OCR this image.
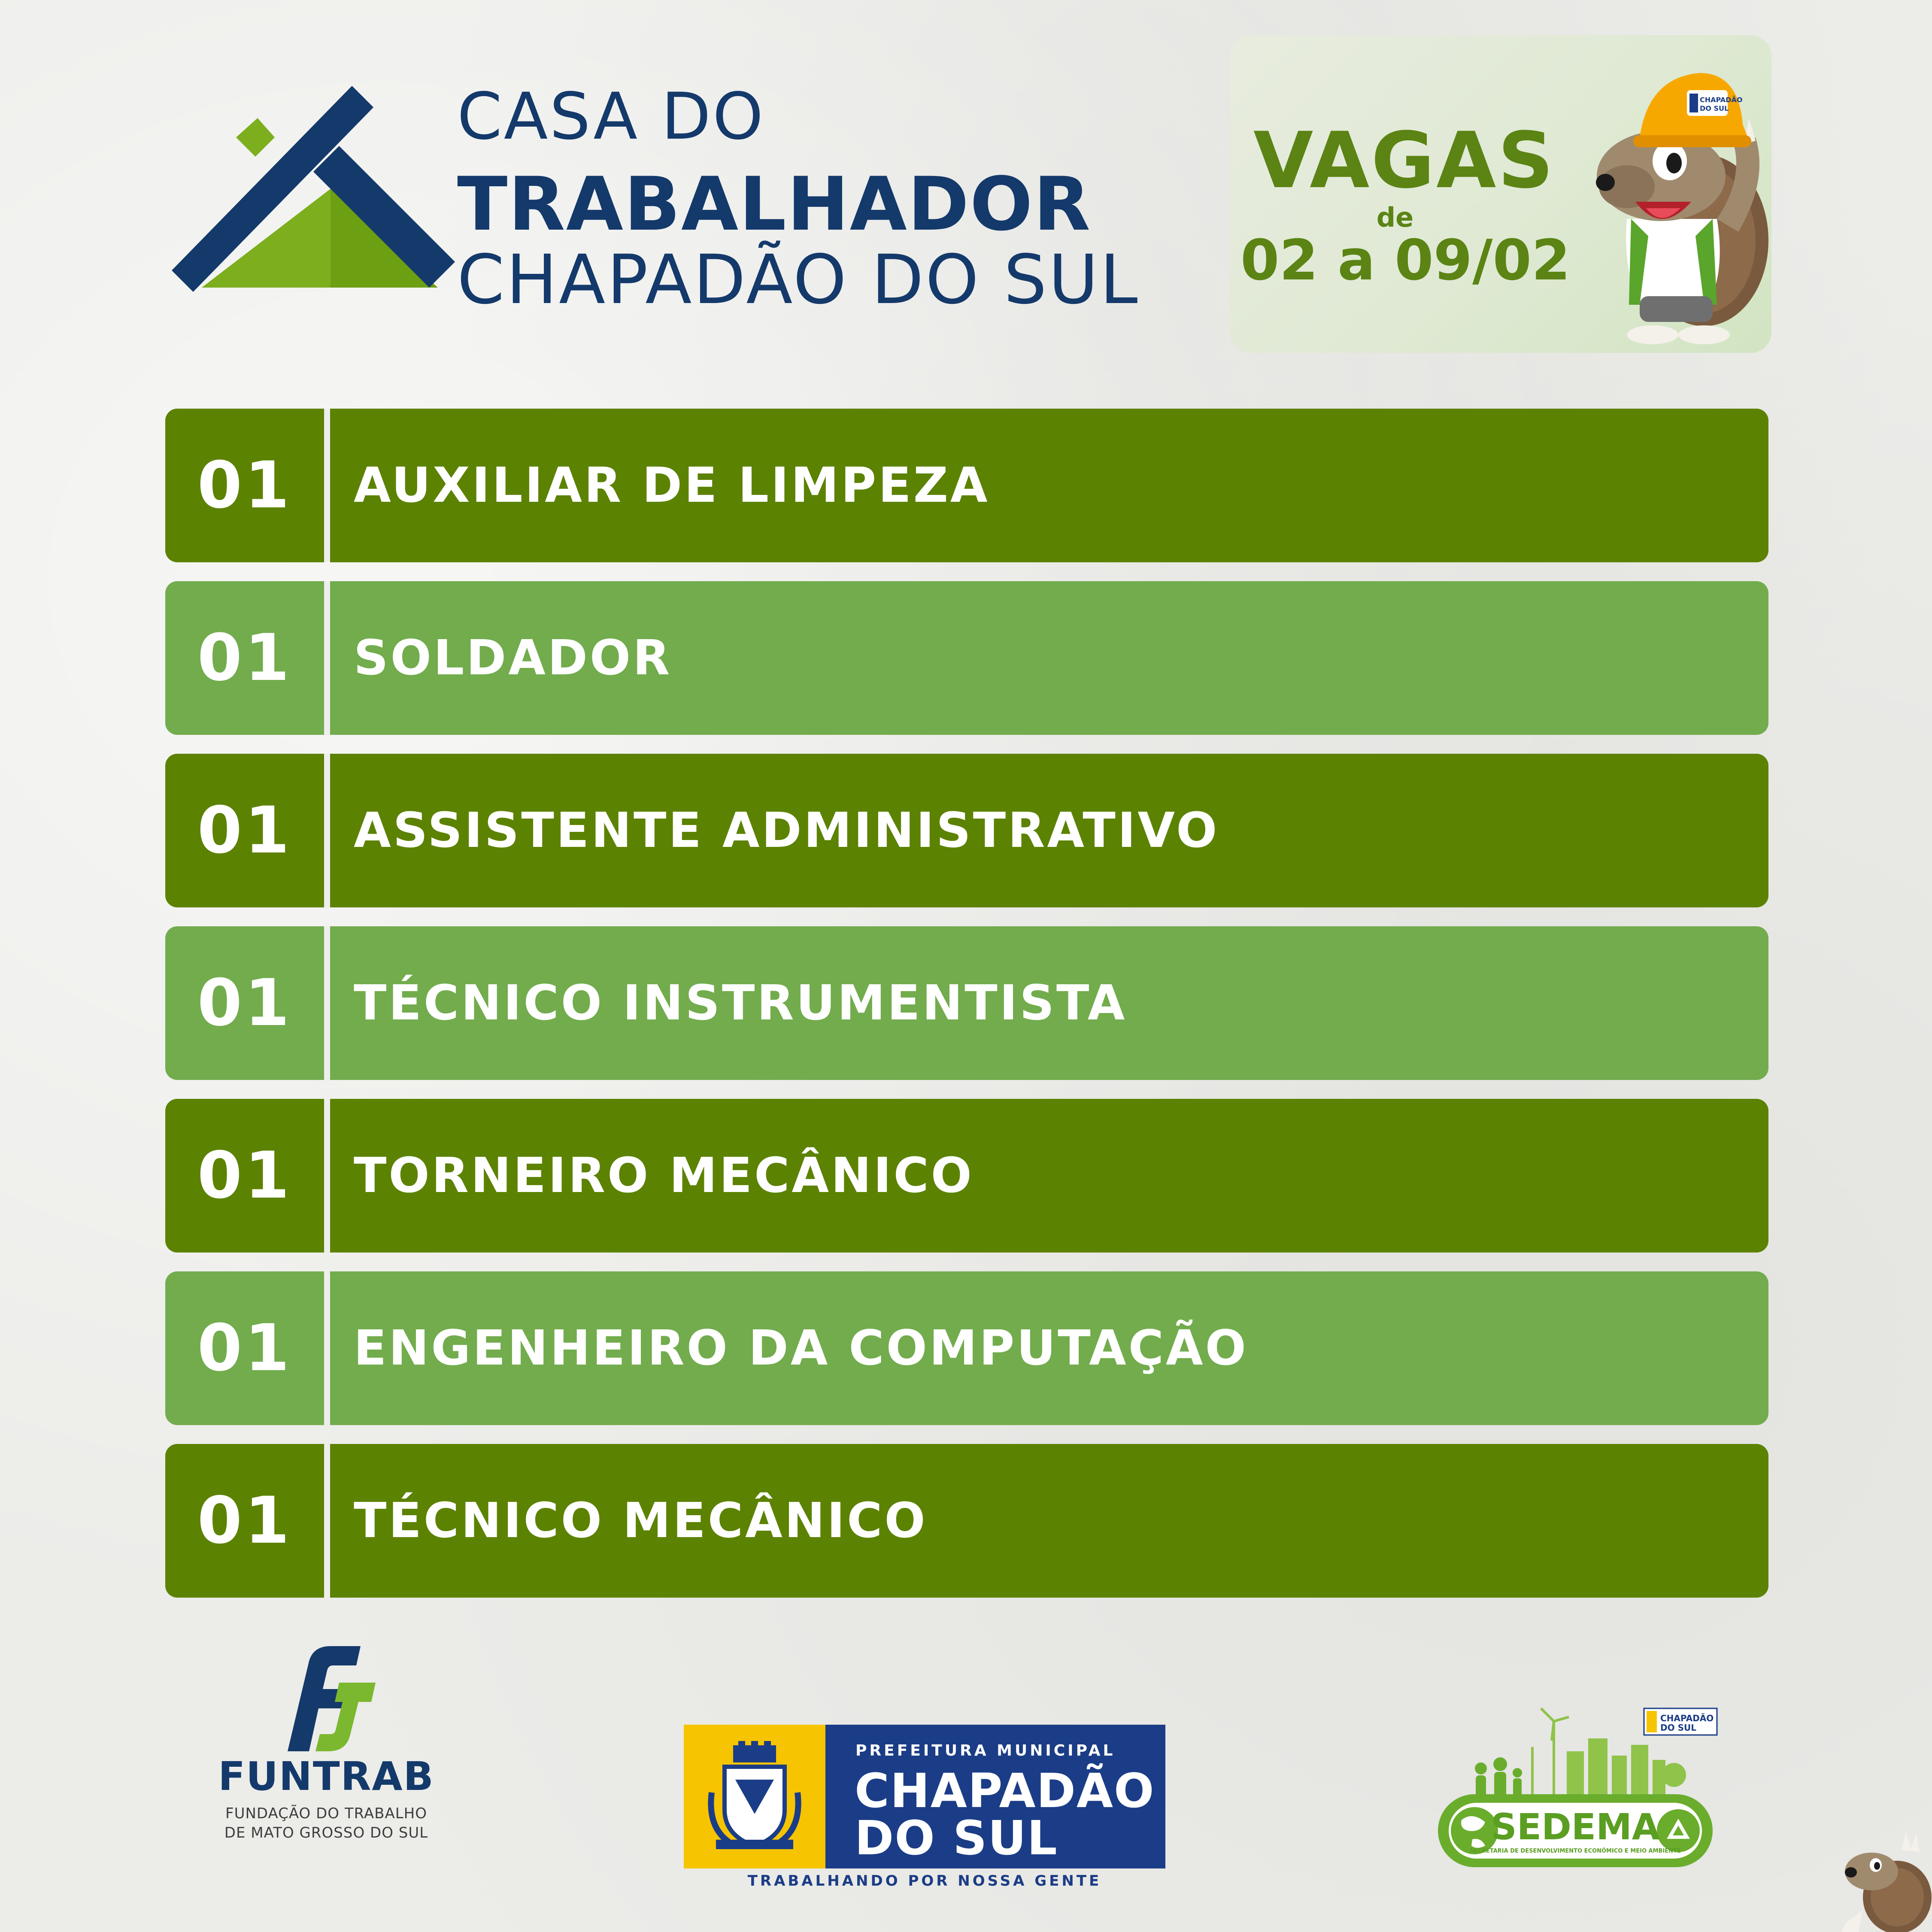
CASA DO
TRABALHADOR
CHAPADÃO DO SUL
VAGAS
de
02 a 09/02
CHAPADÃO
DO SUL
01	AUXILIAR DE LIMPEZA
01	SOLDADOR
01	ASSISTENTE ADMINISTRATIVO
01	TÉCNICO INSTRUMENTISTA
01	TORNEIRO MECÂNICO
01	ENGENHEIRO DA COMPUTAÇÃO
01	TÉCNICO MECÂNICO
FUNTRAB
FUNDAÇÃO DO TRABALHO
DE MATO GROSSO DO SUL
PREFEITURA MUNICIPAL
CHAPADÃO
DO SUL
TRABALHANDO POR NOSSA GENTE
SEDEMA
SECRETARIA DE DESENVOLVIMENTO ECONÔMICO E MEIO AMBIENTE
CHAPADÃO
DO SUL
